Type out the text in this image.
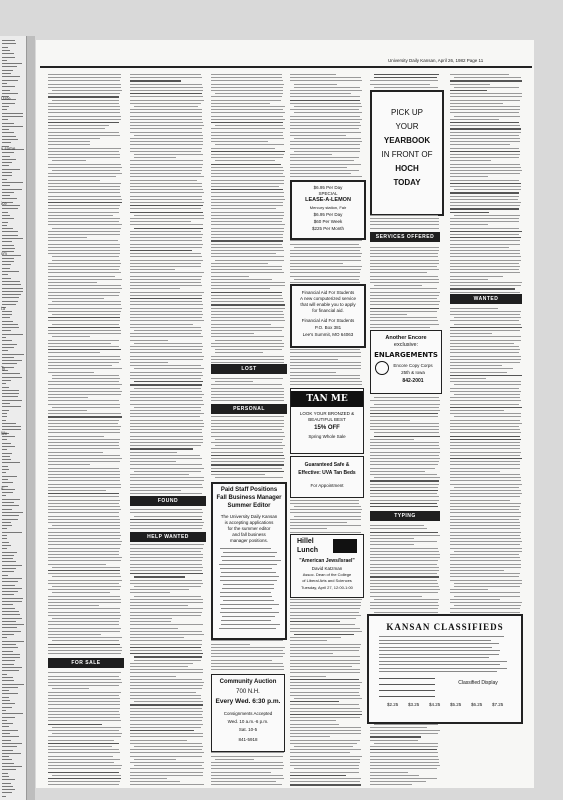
Date
ii some
ice
sm
ta
Ty
We
il:
University Daily Kansan, April 26, 1982 Page 11
FOR SALE
FOUND
HELP WANTED
LOST
PERSONAL
Paid Staff Positions
Fall Business Manager
Summer Editor
The University Daily Kansan
is accepting applications
for the summer editor
and fall business
manager positions.
Community Auction
700 N.H.
Every Wed. 6:30 p.m.
Consignments Accepted
Wed. 10 a.m.-6 p.m.
Sat. 10-5
841-5918
$6.95 Per Day
SPECIAL
LEASE-A-LEMON
Mercury station, Fair
$6.95 Per Day
$60 Per Week
$225 Per Month
Financial Aid For Students
A new computerized service
that will enable you to apply
for financial aid.
Financial Aid For Students
P.O. Box 381
Lee's Summit, MO 64063
TAN ME
LOOK YOUR BRONZED &
BEAUTIFUL BEST
15% OFF
Spring Whole Sale
Guaranteed Safe &
Effective: UVA Tan Beds
For Appointment
Hillel
Lunch
"American Jews/Israel"
David Katzman
Assoc. Dean of the College
of Liberal Arts and Sciences
Tuesday, April 27, 12:00-1:00
PICK UP
YOUR
YEARBOOK
IN FRONT OF
HOCH
TODAY
SERVICES OFFERED
Another Encore
exclusive:
ENLARGEMENTS
Encore Copy Corps
25th & Iowa
842-2001
TYPING
WANTED
KANSAN CLASSIFIEDS
Classified Display
$2.25 $3.25 $4.25 $5.25 $6.25 $7.25
